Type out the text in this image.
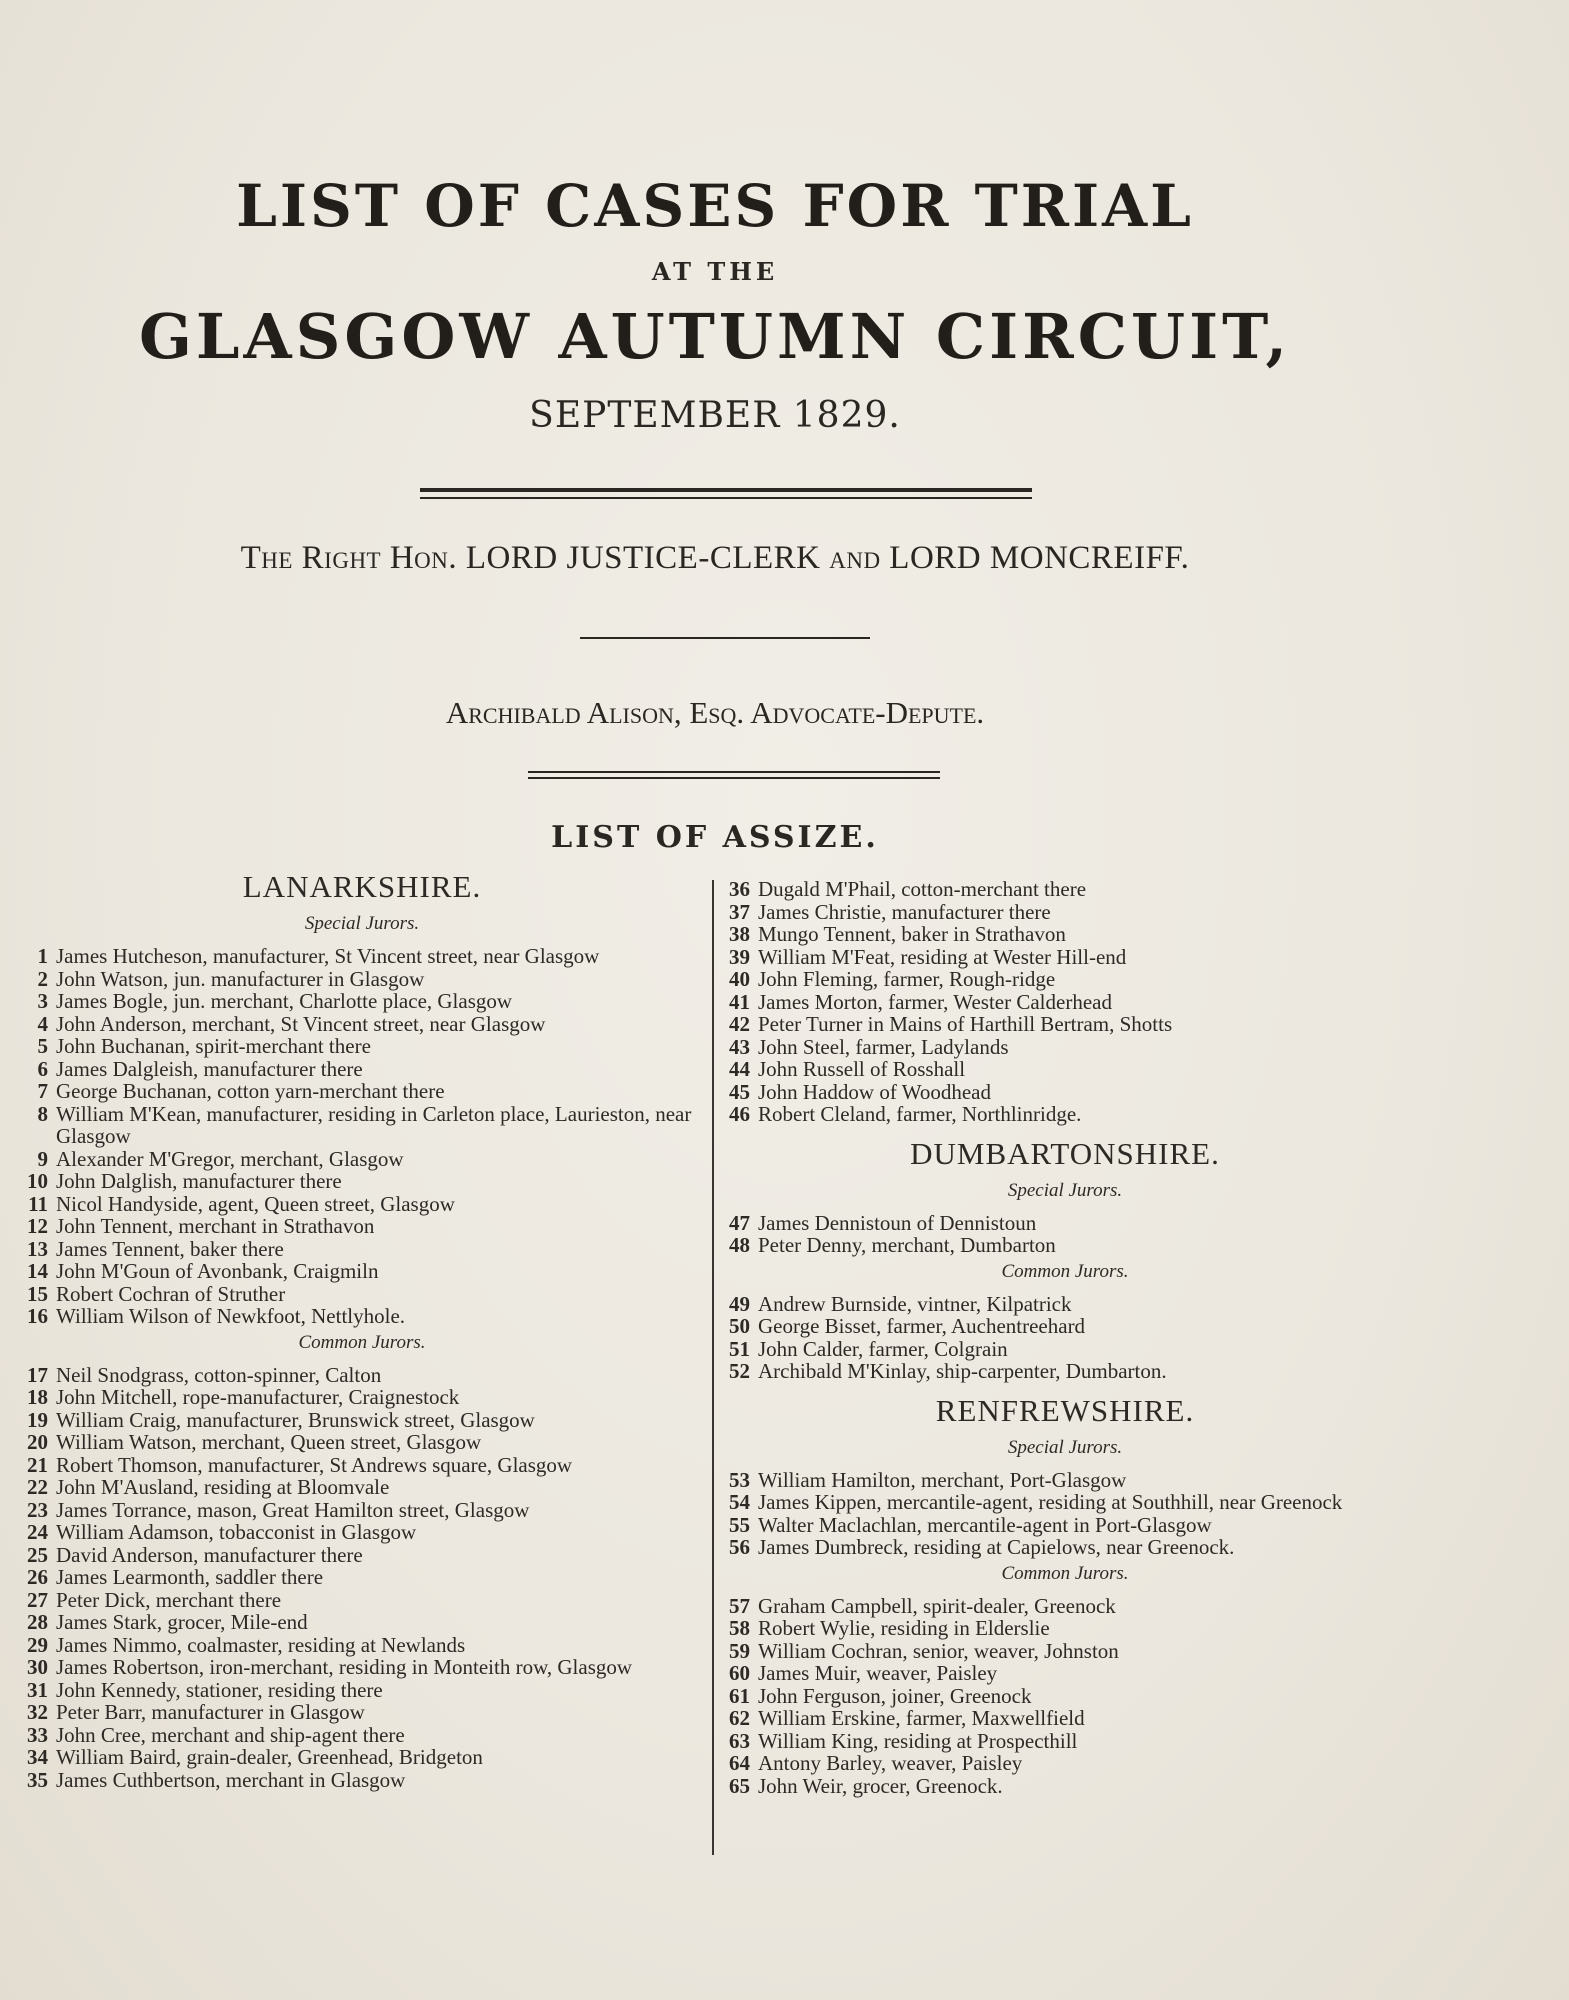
LIST OF CASES FOR TRIAL
AT THE
GLASGOW AUTUMN CIRCUIT,
SEPTEMBER 1829.
The Right Hon. LORD JUSTICE-CLERK and LORD MONCREIFF.
Archibald Alison, Esq. Advocate-Depute.
LIST OF ASSIZE.
LANARKSHIRE.
Special Jurors.
1 James Hutcheson, manufacturer, St Vincent street, near Glasgow
2 John Watson, jun. manufacturer in Glasgow
3 James Bogle, jun. merchant, Charlotte place, Glasgow
4 John Anderson, merchant, St Vincent street, near Glasgow
5 John Buchanan, spirit-merchant there
6 James Dalgleish, manufacturer there
7 George Buchanan, cotton yarn-merchant there
8 William M'Kean, manufacturer, residing in Carleton place, Laurieston, near Glasgow
9 Alexander M'Gregor, merchant, Glasgow
10 John Dalglish, manufacturer there
11 Nicol Handyside, agent, Queen street, Glasgow
12 John Tennent, merchant in Strathavon
13 James Tennent, baker there
14 John M'Goun of Avonbank, Craigmiln
15 Robert Cochran of Struther
16 William Wilson of Newkfoot, Nettlyhole.
Common Jurors.
17 Neil Snodgrass, cotton-spinner, Calton
18 John Mitchell, rope-manufacturer, Craignestock
19 William Craig, manufacturer, Brunswick street, Glasgow
20 William Watson, merchant, Queen street, Glasgow
21 Robert Thomson, manufacturer, St Andrews square, Glasgow
22 John M'Ausland, residing at Bloomvale
23 James Torrance, mason, Great Hamilton street, Glasgow
24 William Adamson, tobacconist in Glasgow
25 David Anderson, manufacturer there
26 James Learmonth, saddler there
27 Peter Dick, merchant there
28 James Stark, grocer, Mile-end
29 James Nimmo, coalmaster, residing at Newlands
30 James Robertson, iron-merchant, residing in Monteith row, Glasgow
31 John Kennedy, stationer, residing there
32 Peter Barr, manufacturer in Glasgow
33 John Cree, merchant and ship-agent there
34 William Baird, grain-dealer, Greenhead, Bridgeton
35 James Cuthbertson, merchant in Glasgow
36 Dugald M'Phail, cotton-merchant there
37 James Christie, manufacturer there
38 Mungo Tennent, baker in Strathavon
39 William M'Feat, residing at Wester Hill-end
40 John Fleming, farmer, Rough-ridge
41 James Morton, farmer, Wester Calderhead
42 Peter Turner in Mains of Harthill Bertram, Shotts
43 John Steel, farmer, Ladylands
44 John Russell of Rosshall
45 John Haddow of Woodhead
46 Robert Cleland, farmer, Northlinridge.
DUMBARTONSHIRE.
Special Jurors.
47 James Dennistoun of Dennistoun
48 Peter Denny, merchant, Dumbarton
Common Jurors.
49 Andrew Burnside, vintner, Kilpatrick
50 George Bisset, farmer, Auchentreehard
51 John Calder, farmer, Colgrain
52 Archibald M'Kinlay, ship-carpenter, Dumbarton.
RENFREWSHIRE.
Special Jurors.
53 William Hamilton, merchant, Port-Glasgow
54 James Kippen, mercantile-agent, residing at Southhill, near Greenock
55 Walter Maclachlan, mercantile-agent in Port-Glasgow
56 James Dumbreck, residing at Capielows, near Greenock.
Common Jurors.
57 Graham Campbell, spirit-dealer, Greenock
58 Robert Wylie, residing in Elderslie
59 William Cochran, senior, weaver, Johnston
60 James Muir, weaver, Paisley
61 John Ferguson, joiner, Greenock
62 William Erskine, farmer, Maxwellfield
63 William King, residing at Prospecthill
64 Antony Barley, weaver, Paisley
65 John Weir, grocer, Greenock.
